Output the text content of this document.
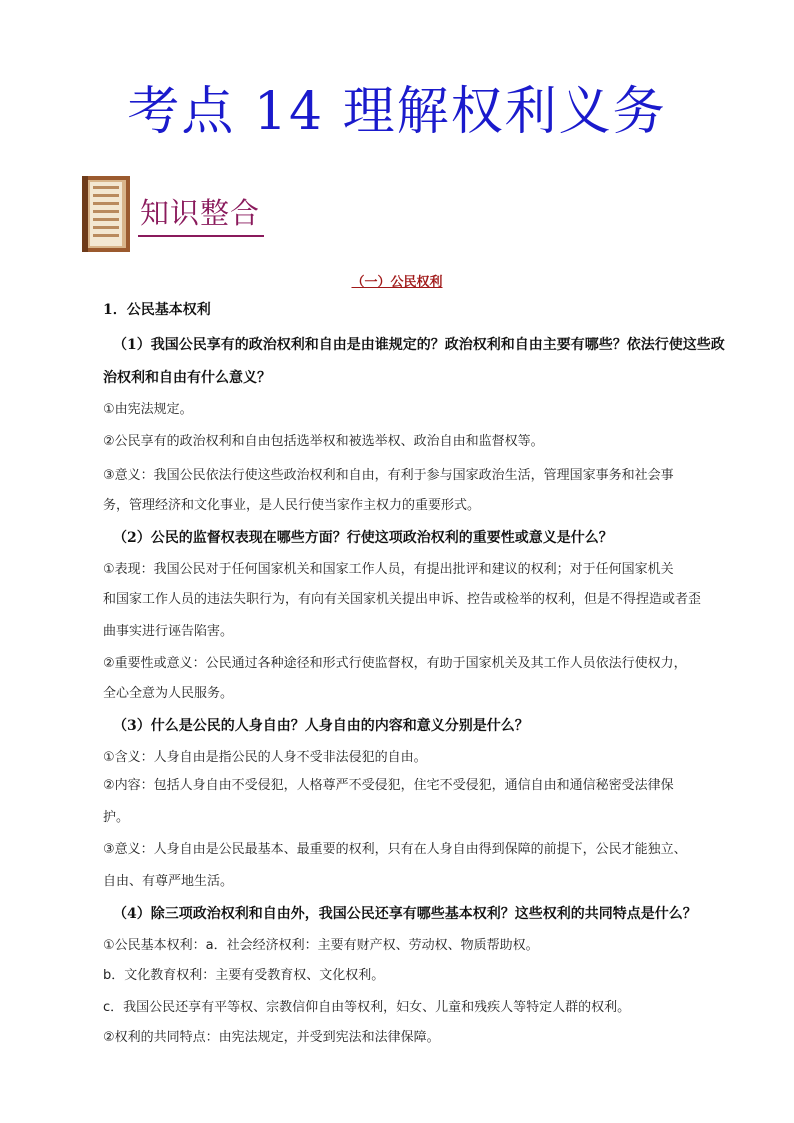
考点 14 理解权利义务
知识整合
（一）公民权利
1．公民基本权利
（1）我国公民享有的政治权利和自由是由谁规定的？政治权利和自由主要有哪些？依法行使这些政
治权利和自由有什么意义？
①由宪法规定。
②公民享有的政治权利和自由包括选举权和被选举权、政治自由和监督权等。
③意义：我国公民依法行使这些政治权利和自由，有利于参与国家政治生活，管理国家事务和社会事
务，管理经济和文化事业，是人民行使当家作主权力的重要形式。
（2）公民的监督权表现在哪些方面？行使这项政治权利的重要性或意义是什么？
①表现：我国公民对于任何国家机关和国家工作人员，有提出批评和建议的权利；对于任何国家机关
和国家工作人员的违法失职行为，有向有关国家机关提出申诉、控告或检举的权利，但是不得捏造或者歪
曲事实进行诬告陷害。
②重要性或意义：公民通过各种途径和形式行使监督权，有助于国家机关及其工作人员依法行使权力，
全心全意为人民服务。
（3）什么是公民的人身自由？人身自由的内容和意义分别是什么？
①含义：人身自由是指公民的人身不受非法侵犯的自由。
②内容：包括人身自由不受侵犯，人格尊严不受侵犯，住宅不受侵犯，通信自由和通信秘密受法律保
护。
③意义：人身自由是公民最基本、最重要的权利，只有在人身自由得到保障的前提下，公民才能独立、
自由、有尊严地生活。
（4）除三项政治权利和自由外，我国公民还享有哪些基本权利？这些权利的共同特点是什么？
①公民基本权利：a．社会经济权利：主要有财产权、劳动权、物质帮助权。
b．文化教育权利：主要有受教育权、文化权利。
c．我国公民还享有平等权、宗教信仰自由等权利，妇女、儿童和残疾人等特定人群的权利。
②权利的共同特点：由宪法规定，并受到宪法和法律保障。
